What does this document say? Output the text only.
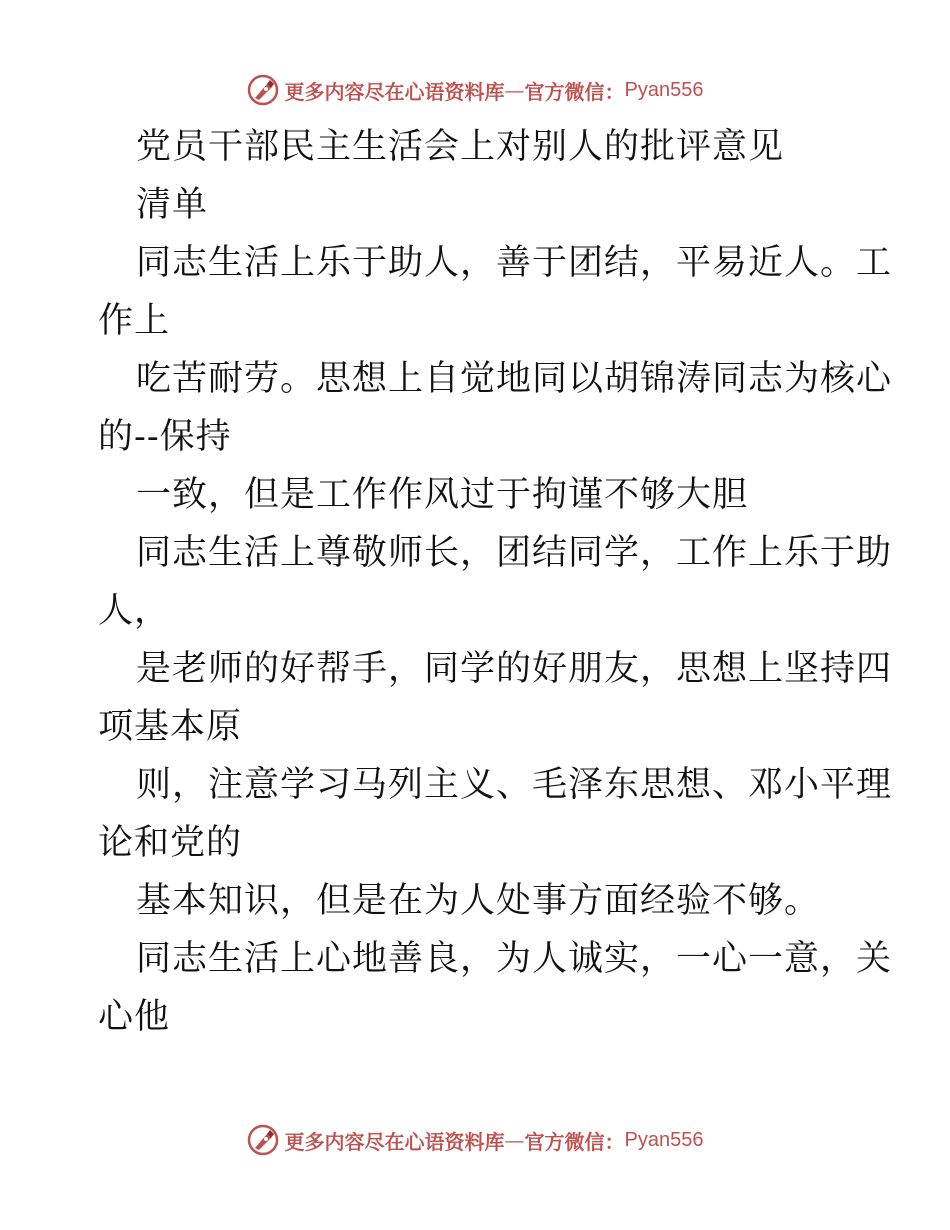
更多内容尽在心语资料库 — 官方微信： Pyan556
党员干部民主生活会上对别人的批评意见
清单
同志生活上乐于助人，善于团结，平易近人。工
作上
吃苦耐劳。思想上自觉地同以胡锦涛同志为核心
的--保持
一致，但是工作作风过于拘谨不够大胆
同志生活上尊敬师长，团结同学，工作上乐于助
人，
是老师的好帮手，同学的好朋友，思想上坚持四
项基本原
则，注意学习马列主义、毛泽东思想、邓小平理
论和党的
基本知识，但是在为人处事方面经验不够。
同志生活上心地善良，为人诚实，一心一意，关
心他
更多内容尽在心语资料库 — 官方微信： Pyan556
